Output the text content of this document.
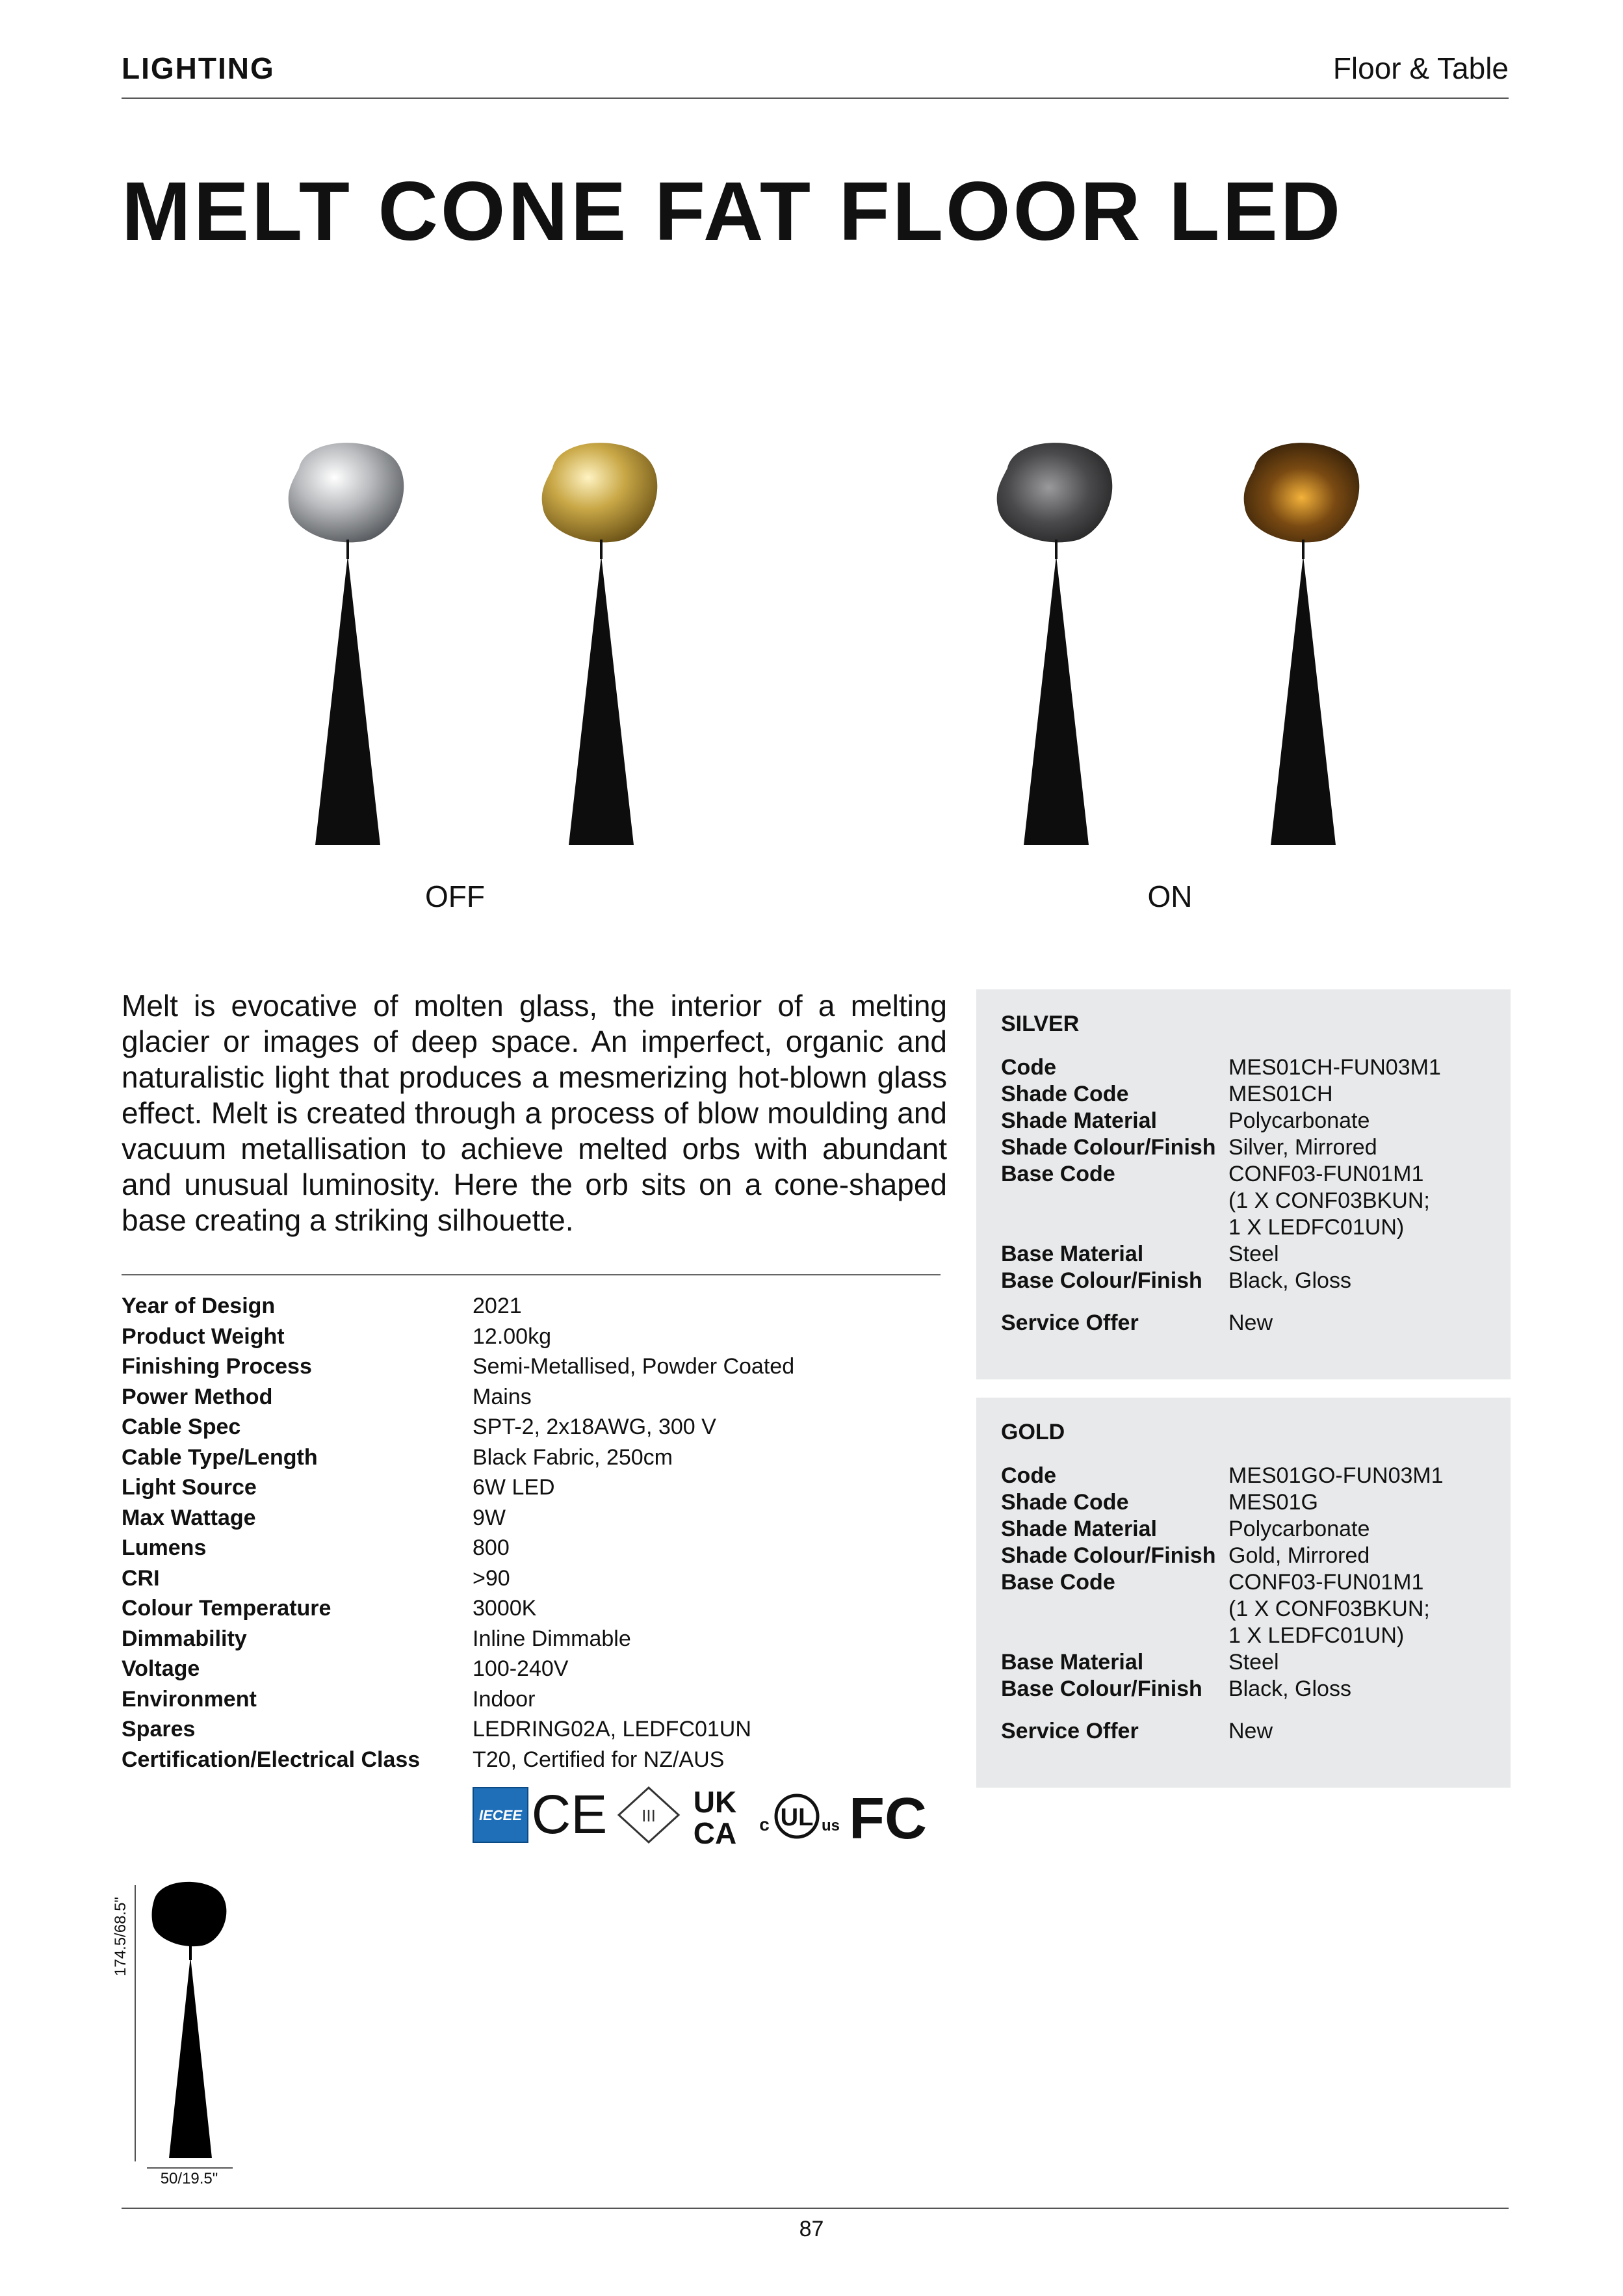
LIGHTING	Floor & Table
MELT CONE FAT FLOOR LED
OFF	ON
Melt is evocative of molten glass, the interior of a melting glacier or images of deep space. An imperfect, organic and naturalistic light that produces a mesmerizing hot-blown glass effect. Melt is created through a process of blow moulding and vacuum metallisation to achieve melted orbs with abundant and unusual luminosity. Here the orb sits on a cone-shaped base creating a striking silhouette.
Year of Design	2021
Product Weight	12.00kg
Finishing Process	Semi-Metallised, Powder Coated
Power Method	Mains
Cable Spec	SPT-2, 2x18AWG, 300 V
Cable Type/Length	Black Fabric, 250cm
Light Source	6W LED
Max Wattage	9W
Lumens	800
CRI	>90
Colour Temperature	3000K
Dimmability	Inline Dimmable
Voltage	100-240V
Environment	Indoor
Spares	LEDRING02A, LEDFC01UN
Certification/Electrical Class	T20, Certified for NZ/AUS
IECEE CE III UK
CA c UL us FC
SILVER
Code	MES01CH-FUN03M1
Shade Code	MES01CH
Shade Material	Polycarbonate
Shade Colour/Finish	Silver, Mirrored
Base Code	CONF03-FUN01M1
(1 X CONF03BKUN;
1 X LEDFC01UN)
Base Material	Steel
Base Colour/Finish	Black, Gloss

Service Offer	New
GOLD
Code	MES01GO-FUN03M1
Shade Code	MES01G
Shade Material	Polycarbonate
Shade Colour/Finish	Gold, Mirrored
Base Code	CONF03-FUN01M1
(1 X CONF03BKUN;
1 X LEDFC01UN)
Base Material	Steel
Base Colour/Finish	Black, Gloss

Service Offer	New
174.5/68.5"
50/19.5"
87
